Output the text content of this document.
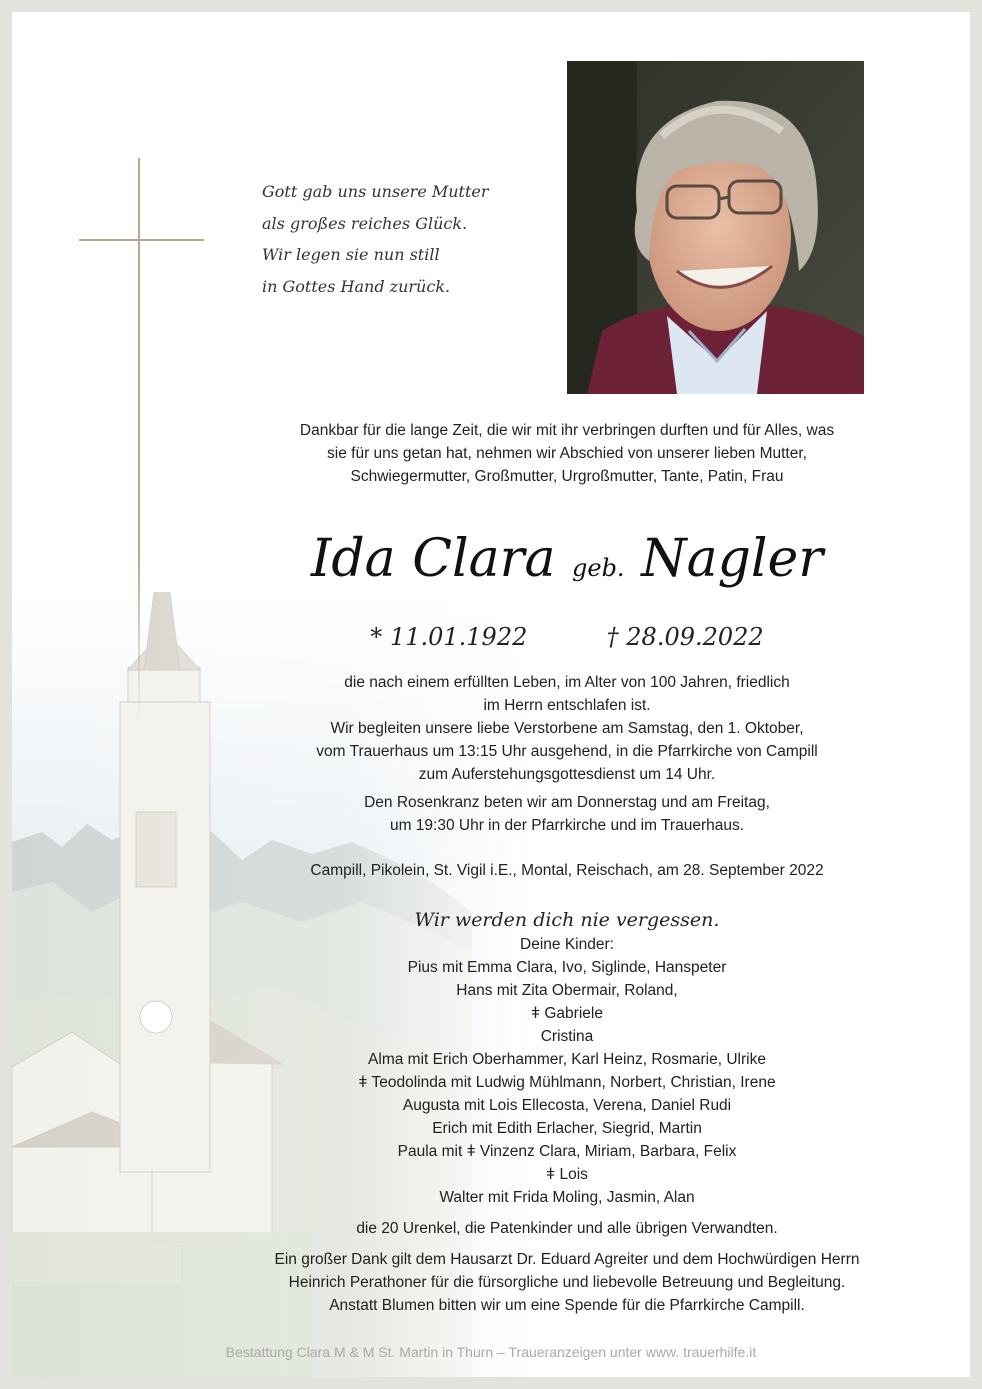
Gott gab uns unsere Mutter
als großes reiches Glück.
Wir legen sie nun still
in Gottes Hand zurück.
Dankbar für die lange Zeit, die wir mit ihr verbringen durften und für Alles, was
sie für uns getan hat, nehmen wir Abschied von unserer lieben Mutter,
Schwiegermutter, Großmutter, Urgroßmutter, Tante, Patin, Frau
Ida Clara geb. Nagler
* 11.01.1922	† 28.09.2022
die nach einem erfüllten Leben, im Alter von 100 Jahren, friedlich
im Herrn entschlafen ist.
Wir begleiten unsere liebe Verstorbene am Samstag, den 1. Oktober,
vom Trauerhaus um 13:15 Uhr ausgehend, in die Pfarrkirche von Campill
zum Auferstehungsgottesdienst um 14 Uhr.
Den Rosenkranz beten wir am Donnerstag und am Freitag,
um 19:30 Uhr in der Pfarrkirche und im Trauerhaus.
Campill, Pikolein, St. Vigil i.E., Montal, Reischach, am 28. September 2022
Wir werden dich nie vergessen.
Deine Kinder:
Pius mit Emma Clara, Ivo, Siglinde, Hanspeter
Hans mit Zita Obermair, Roland,
ǂ Gabriele
Cristina
Alma mit Erich Oberhammer, Karl Heinz, Rosmarie, Ulrike
ǂ Teodolinda mit Ludwig Mühlmann, Norbert, Christian, Irene
Augusta mit Lois Ellecosta, Verena, Daniel Rudi
Erich mit Edith Erlacher, Siegrid, Martin
Paula mit ǂ Vinzenz Clara, Miriam, Barbara, Felix
ǂ Lois
Walter mit Frida Moling, Jasmin, Alan
die 20 Urenkel, die Patenkinder und alle übrigen Verwandten.
Ein großer Dank gilt dem Hausarzt Dr. Eduard Agreiter und dem Hochwürdigen Herrn
Heinrich Perathoner für die fürsorgliche und liebevolle Betreuung und Begleitung.
Anstatt Blumen bitten wir um eine Spende für die Pfarrkirche Campill.
Bestattung Clara M & M St. Martin in Thurn – Traueranzeigen unter www. trauerhilfe.it
